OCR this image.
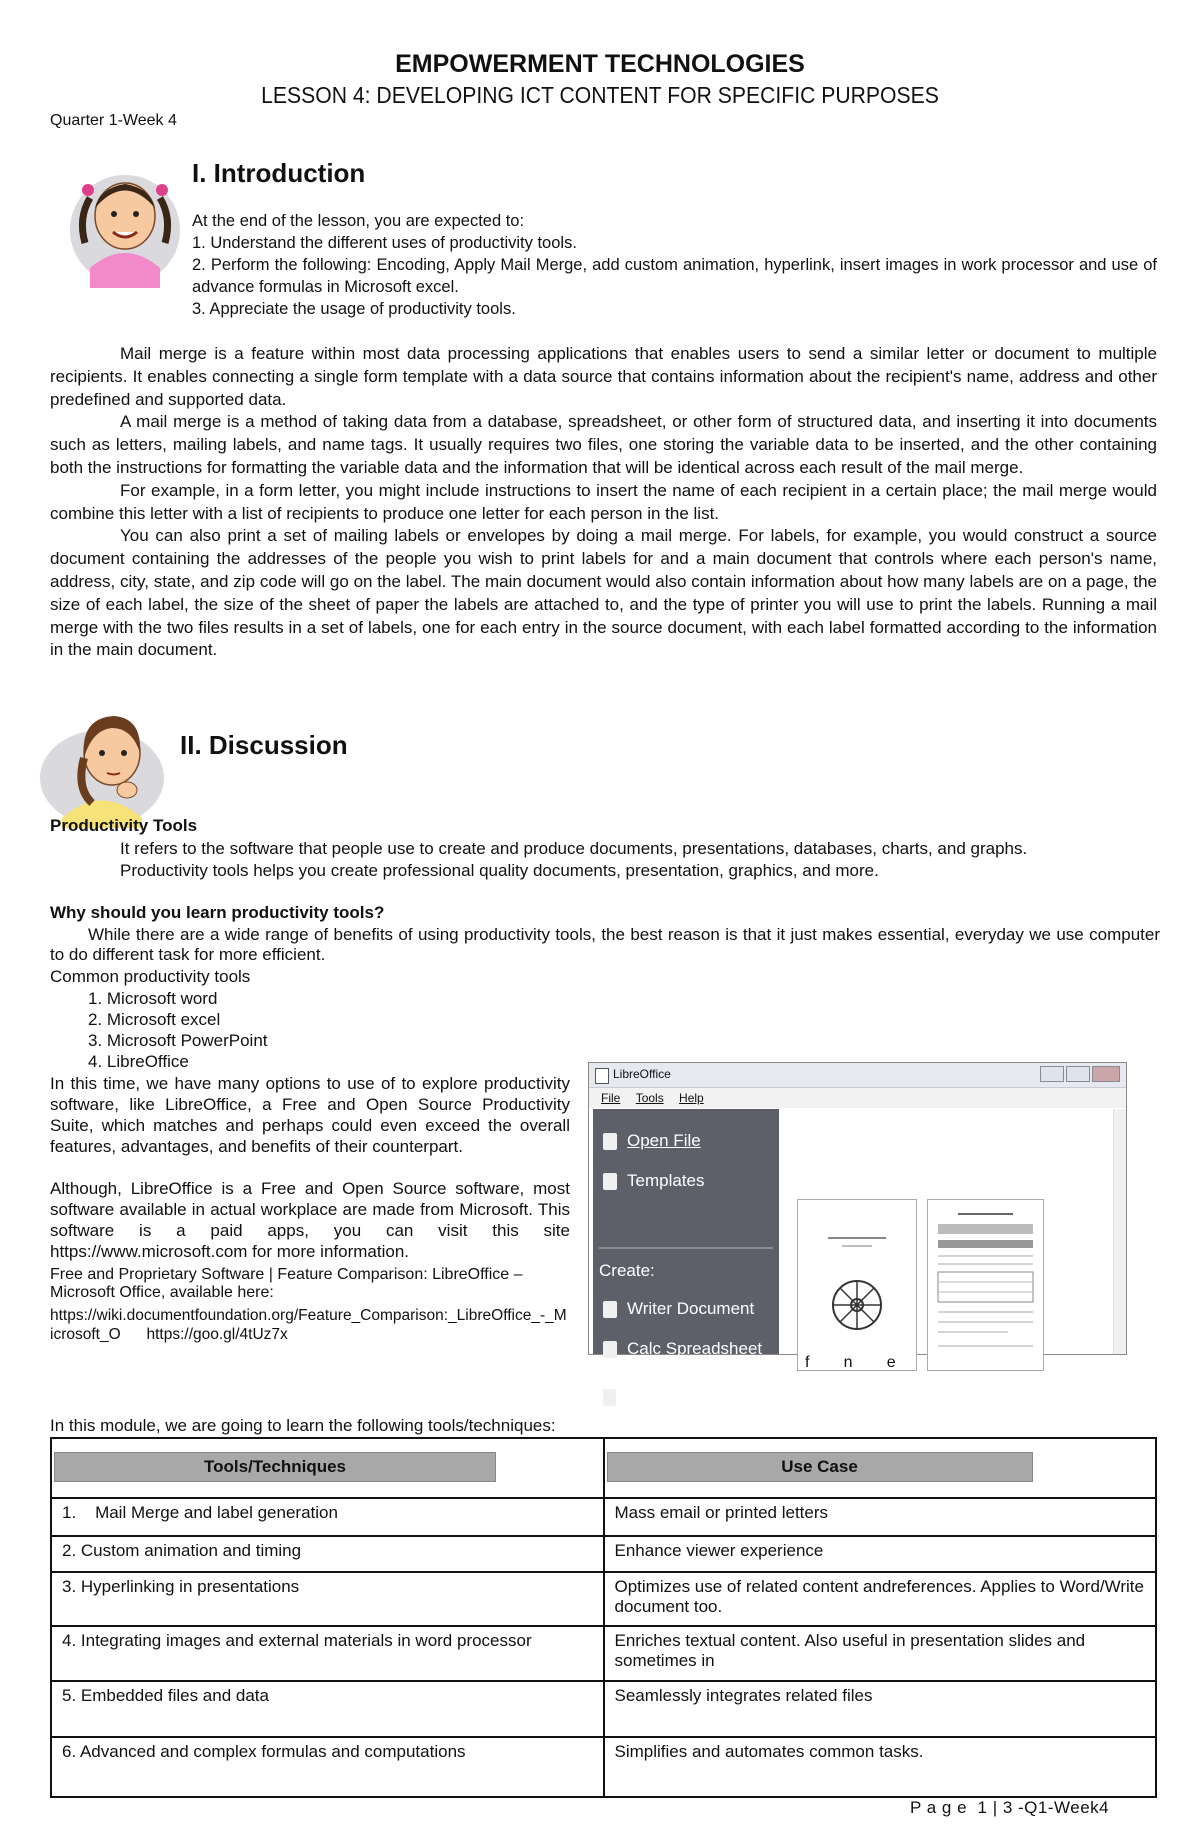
EMPOWERMENT TECHNOLOGIES
LESSON 4: DEVELOPING ICT CONTENT FOR SPECIFIC PURPOSES
Quarter 1-Week 4
I. Introduction

At the end of the lesson, you are expected to:

1. Understand the different uses of productivity tools.

2. Perform the following: Encoding, Apply Mail Merge, add custom animation, hyperlink, insert images in work processor and use of advance formulas in Microsoft excel.

3. Appreciate the usage of productivity tools.

Mail merge is a feature within most data processing applications that enables users to send a similar letter or document to multiple recipients. It enables connecting a single form template with a data source that contains information about the recipient's name, address and other predefined and supported data.

A mail merge is a method of taking data from a database, spreadsheet, or other form of structured data, and inserting it into documents such as letters, mailing labels, and name tags. It usually requires two files, one storing the variable data to be inserted, and the other containing both the instructions for formatting the variable data and the information that will be identical across each result of the mail merge.

For example, in a form letter, you might include instructions to insert the name of each recipient in a certain place; the mail merge would combine this letter with a list of recipients to produce one letter for each person in the list.

You can also print a set of mailing labels or envelopes by doing a mail merge. For labels, for example, you would construct a source document containing the addresses of the people you wish to print labels for and a main document that controls where each person's name, address, city, state, and zip code will go on the label. The main document would also contain information about how many labels are on a page, the size of each label, the size of the sheet of paper the labels are attached to, and the type of printer you will use to print the labels. Running a mail merge with the two files results in a set of labels, one for each entry in the source document, with each label formatted according to the information in the main document.

II. Discussion
Productivity Tools

It refers to the software that people use to create and produce documents, presentations, databases, charts, and graphs.

Productivity tools helps you create professional quality documents, presentation, graphics, and more.

Why should you learn productivity tools?

While there are a wide range of benefits of using productivity tools, the best reason is that it just makes essential, everyday we use computer to do different task for more efficient.

Common productivity tools
1. Microsoft word
2. Microsoft excel
3. Microsoft PowerPoint
4. LibreOffice

In this time, we have many options to use of to explore productivity software, like LibreOffice, a Free and Open Source Productivity Suite, which matches and perhaps could even exceed the overall features, advantages, and benefits of their counterpart.

Although, LibreOffice is a Free and Open Source software, most software available in actual workplace are made from Microsoft. This software is a paid apps, you can visit this site https://www.microsoft.com for more information.

Free and Proprietary Software | Feature Comparison: LibreOffice – Microsoft Office, available here:

https://wiki.documentfoundation.org/Feature_Comparison:_LibreOffice_-_Microsoft_O https://goo.gl/4tUz7x

LibreOffice
File Tools Help
Open File
Templates
Create:
Writer Document
Calc Spreadsheet
Impress Presentation
f     n     e
In this module, we are going to learn the following tools/techniques:
Tools/Techniques	Use Case

1.    Mail Merge and label generation	Mass email or printed letters
2. Custom animation and timing	Enhance viewer experience
3. Hyperlinking in presentations	Optimizes use of related content andreferences. Applies to Word/Write document too.
4. Integrating images and external materials in word processor	Enriches textual content. Also useful in presentation slides and sometimes in
5. Embedded files and data	Seamlessly integrates related files
6. Advanced and complex formulas and computations	Simplifies and automates common tasks.
P a g e  1 | 3 -Q1-Week4
